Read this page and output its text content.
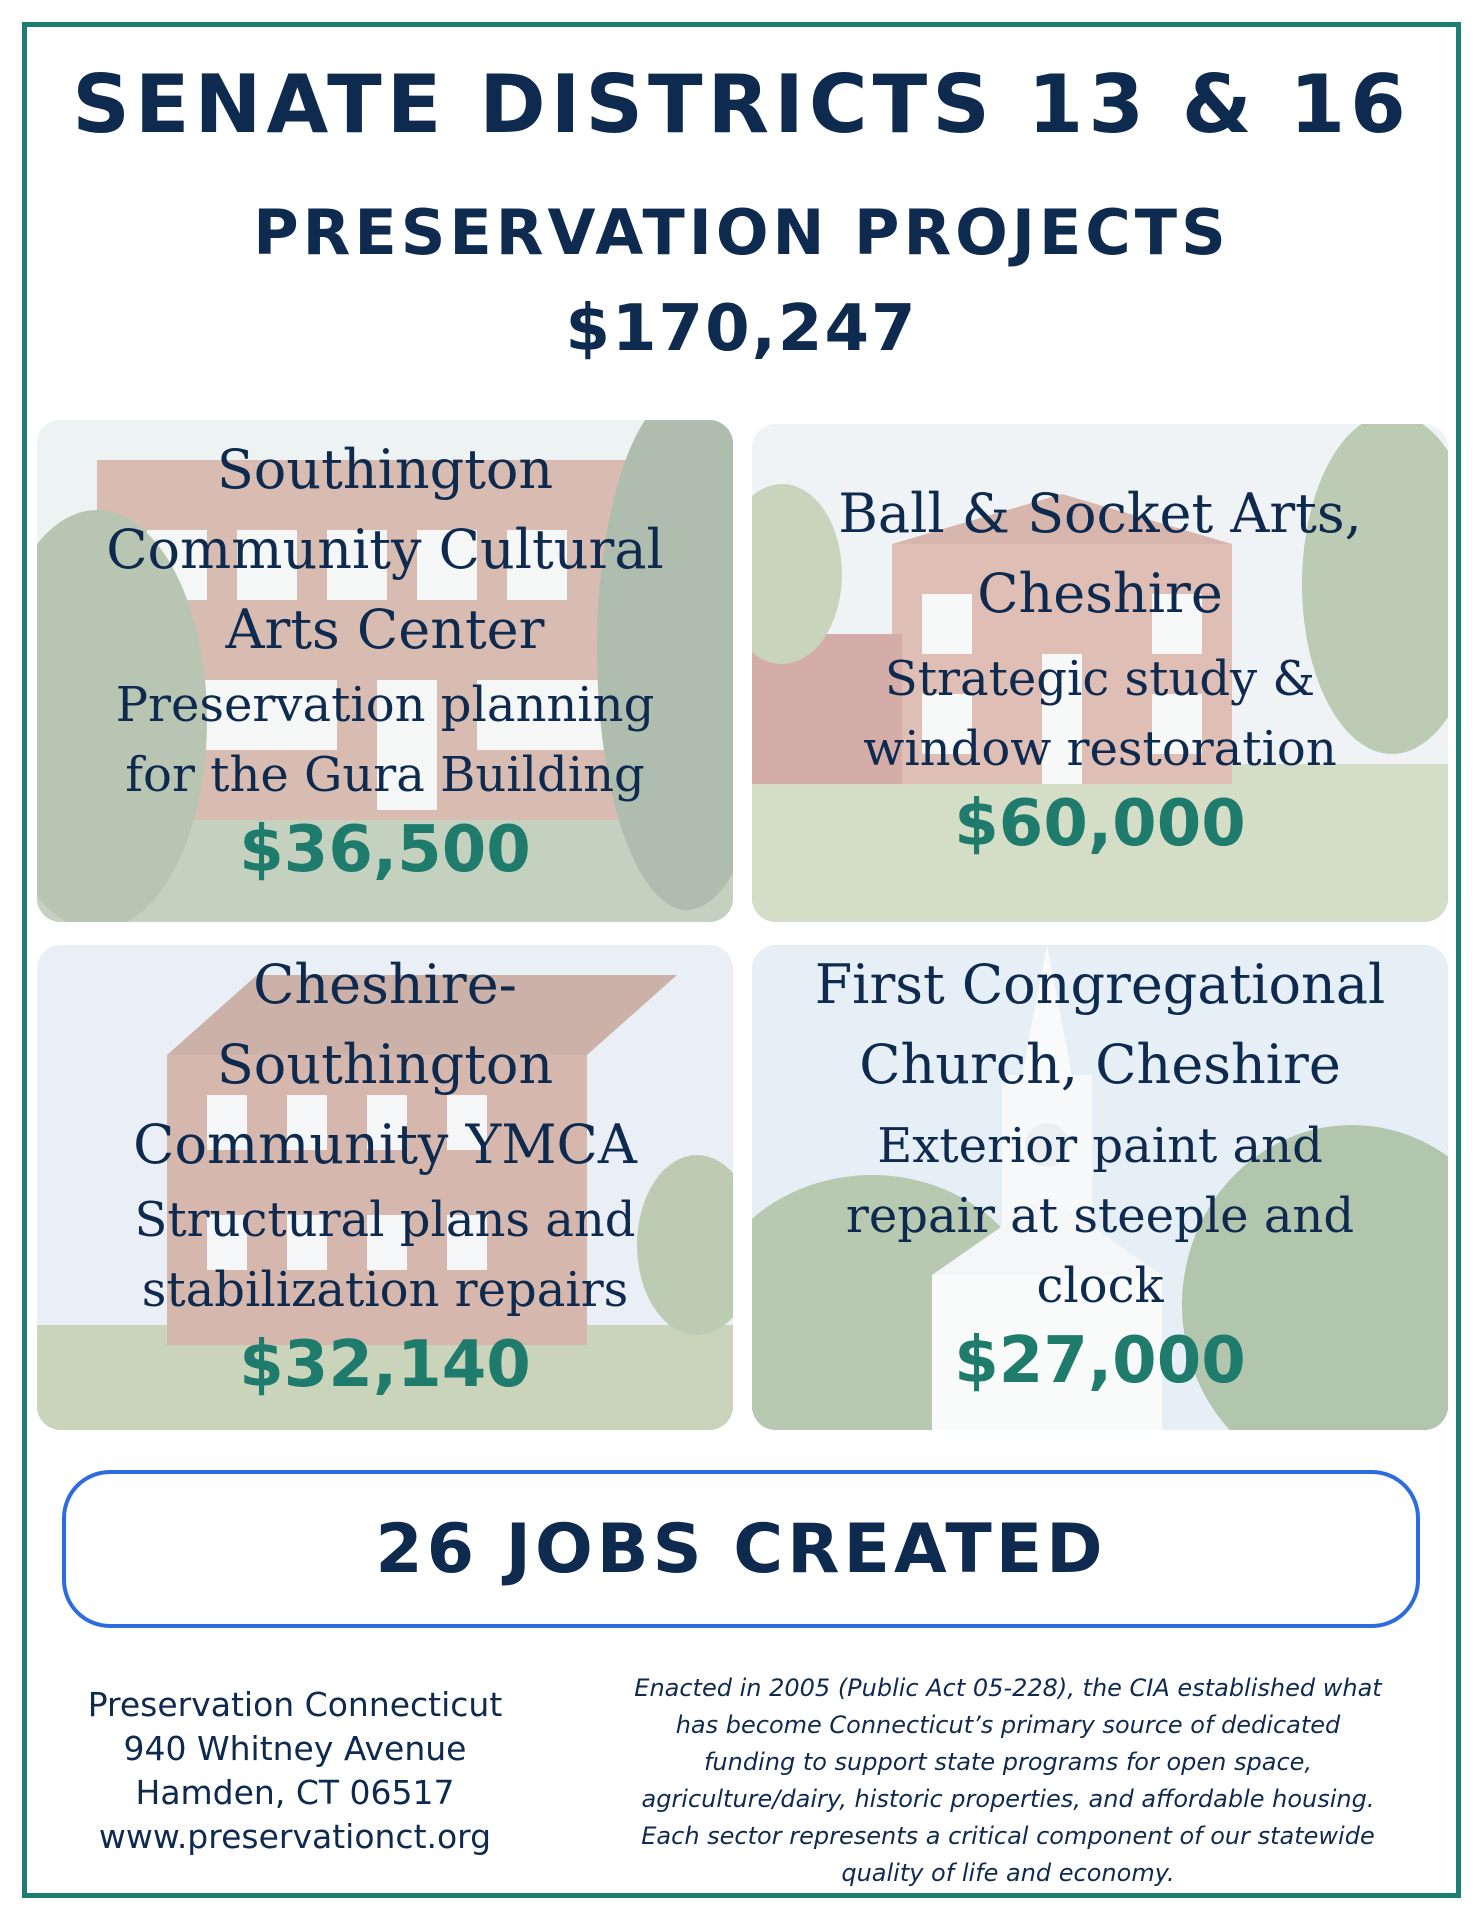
SENATE DISTRICTS 13 & 16
PRESERVATION PROJECTS
$170,247
Southington
Community Cultural
Arts Center
Preservation planning
for the Gura Building
$36,500
Ball & Socket Arts,
Cheshire
Strategic study &
window restoration
$60,000
Cheshire-
Southington
Community YMCA
Structural plans and
stabilization repairs
$32,140
First Congregational
Church, Cheshire
Exterior paint and
repair at steeple and
clock
$27,000
26 JOBS CREATED
Preservation Connecticut
940 Whitney Avenue
Hamden, CT 06517
www.preservationct.org
Enacted in 2005 (Public Act 05-228), the CIA established what
has become Connecticut’s primary source of dedicated
funding to support state programs for open space,
agriculture/dairy, historic properties, and affordable housing.
Each sector represents a critical component of our statewide
quality of life and economy.
